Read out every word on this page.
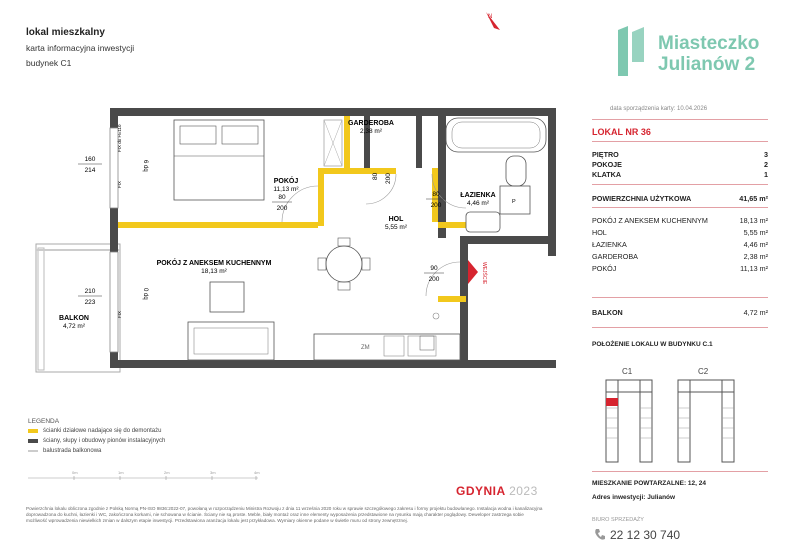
lokal mieszkalny
karta informacyjna inwestycji
budynek C1
Miasteczko
Julianów 2
data sporządzenia karty: 10.04.2026
LOKAL NR 36
PIĘTRO	3
POKOJE	2
KLATKA	1
POWIERZCHNIA UŻYTKOWA	41,65 m²
POKÓJ Z ANEKSEM KUCHENNYM	18,13 m²
HOL	5,55 m²
ŁAZIENKA	4,46 m²
GARDEROBA	2,38 m²
POKÓJ	11,13 m²
BALKON	4,72 m²
POŁOŻENIE LOKALU W BUDYNKU C.1
C1	C2
MIESZKANIE POWTARZALNE: 12, 24
Adres inwestycji: Julianów
BIURO SPRZEDAŻY
22 12 30 740
N
P
ZM
WEJŚCIE
GARDEROBA
2,38 m²
POKÓJ
11,13 m²
ŁAZIENKA
4,46 m²
HOL
5,55 m²
POKÓJ Z ANEKSEM KUCHENNYM
18,13 m²
BALKON
4,72 m²
160
214
210
223
FIX do H=110
FIX
FIX
6 dq
0 dq
80
200
80 200
80
200
90
200
LEGENDA
ścianki działowe nadające się do demontażu
ściany, słupy i obudowy pionów instalacyjnych
balustrada balkonowa
0m	1m	2m	3m	4m
GDYNIA 2023
Powierzchnia lokalu obliczona zgodnie z Polską Normą PN-ISO 9836:2022-07, powołaną w rozporządzeniu Ministra Rozwoju z dnia 11 września 2020 roku w sprawie szczegółowego zakresu i formy projektu budowlanego. Instalacja wodna i kanalizacyjna doprowadzona do kuchni, łazienki i WC, zakończona korkami, nie schowana w ścianie. Ściany nie są proste. Meble, biały montaż oraz inne elementy wyposażenia przedstawione na rysunku mają charakter poglądowy. Deweloper zastrzega sobie możliwość wprowadzenia niewielkich zmian w dalszym etapie inwestycji. Przedstawiona aranżacja lokalu jest przykładowa. Wymiary okienne podane w świetle muru od strony zewnętrznej.
